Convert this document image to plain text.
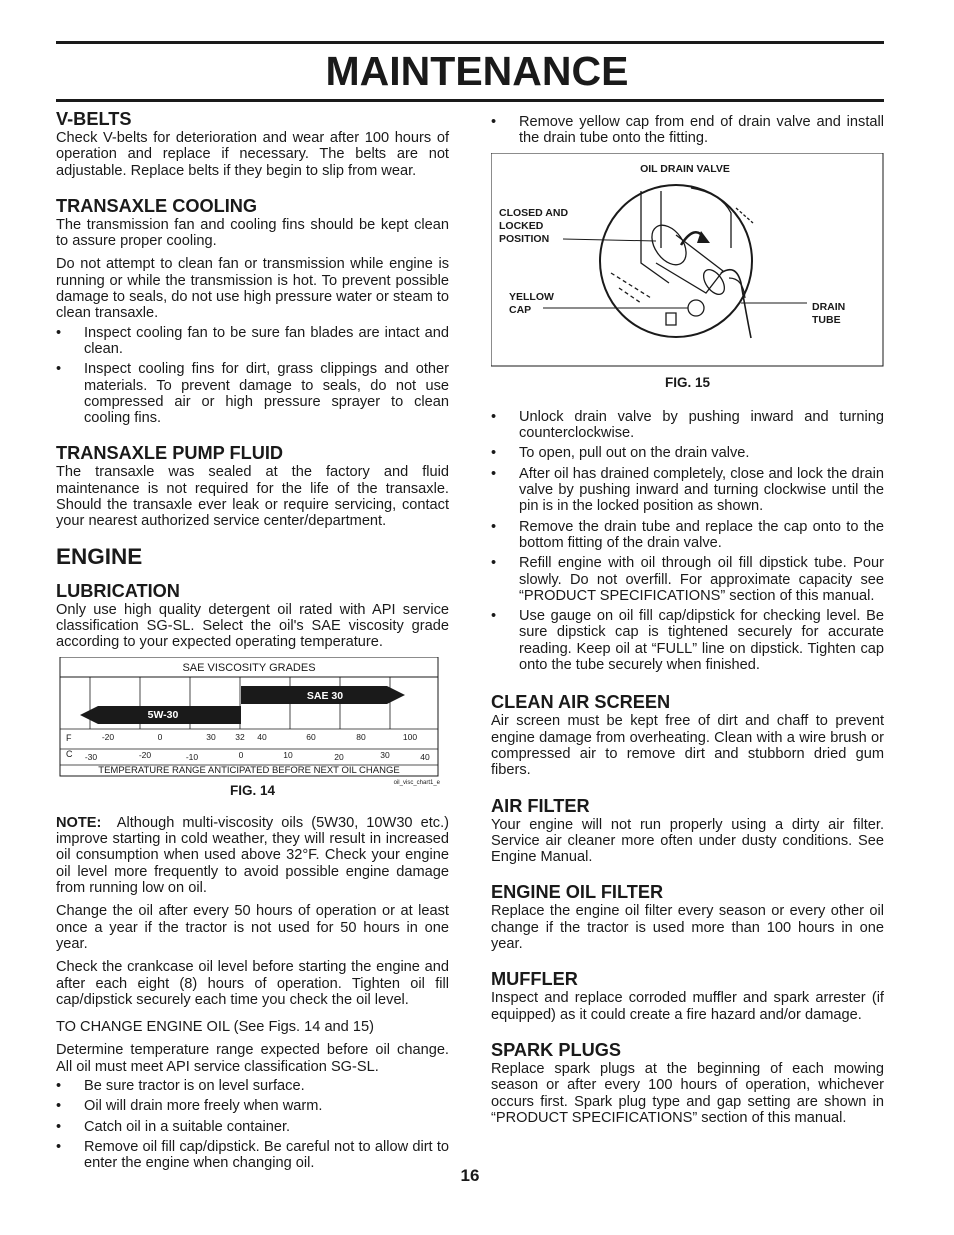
MAINTENANCE
V-BELTS

Check V-belts for deterioration and wear after 100 hours of operation and replace if necessary. The belts are not adjustable. Replace belts if they begin to slip from wear.

TRANSAXLE COOLING

The transmission fan and cooling fins should be kept clean to assure proper cooling.

Do not attempt to clean fan or transmission while engine is running or while the transmission is hot. To prevent possible damage to seals, do not use high pressure water or steam to clean transaxle.

• Inspect cooling fan to be sure fan blades are intact and clean.
• Inspect cooling fins for dirt, grass clippings and other materials. To prevent damage to seals, do not use compressed air or high pressure sprayer to clean cooling fins.
TRANSAXLE PUMP FLUID

The transaxle was sealed at the factory and fluid maintenance is not required for the life of the transaxle. Should the transaxle ever leak or require servicing, contact your nearest authorized service center/department.

ENGINE
LUBRICATION

Only use high quality detergent oil rated with API service classification SG-SL. Select the oil's SAE viscosity grade according to your expected operating temperature.

SAE VISCOSITY GRADES
SAE 30
5W-30
F
C
-20	0	30 32 40	60	80	100
-30	-20	-10	0	10	20	30	40
TEMPERATURE RANGE ANTICIPATED BEFORE NEXT OIL CHANGE
oil_visc_chart1_e
FIG. 14

NOTE: Although multi-viscosity oils (5W30, 10W30 etc.) improve starting in cold weather, they will result in increased oil consumption when used above 32°F. Check your engine oil level more frequently to avoid possible engine damage from running low on oil.

Change the oil after every 50 hours of operation or at least once a year if the tractor is not used for 50 hours in one year.

Check the crankcase oil level before starting the engine and after each eight (8) hours of operation. Tighten oil fill cap/dipstick securely each time you check the oil level.

TO CHANGE ENGINE OIL (See Figs. 14 and 15)

Determine temperature range expected before oil change. All oil must meet API service classification SG-SL.

• Be sure tractor is on level surface.
• Oil will drain more freely when warm.
• Catch oil in a suitable container.
• Remove oil fill cap/dipstick. Be careful not to allow dirt to enter the engine when changing oil.
• Remove yellow cap from end of drain valve and install the drain tube onto the fitting.
OIL DRAIN VALVE
CLOSED AND
LOCKED
POSITION
YELLOW
CAP	DRAIN
TUBE
FIG. 15
• Unlock drain valve by pushing inward and turning counterclockwise.
• To open, pull out on the drain valve.
• After oil has drained completely, close and lock the drain valve by pushing inward and turning clockwise until the pin is in the locked position as shown.
• Remove the drain tube and replace the cap onto to the bottom fitting of the drain valve.
• Refill engine with oil through oil fill dipstick tube. Pour slowly. Do not overfill. For approximate capacity see “PRODUCT SPECIFICATIONS” section of this manual.
• Use gauge on oil fill cap/dipstick for checking level. Be sure dipstick cap is tightened securely for accurate reading. Keep oil at “FULL” line on dipstick. Tighten cap onto the tube securely when finished.
CLEAN AIR SCREEN

Air screen must be kept free of dirt and chaff to prevent engine damage from overheating. Clean with a wire brush or compressed air to remove dirt and stubborn dried gum fibers.

AIR FILTER

Your engine will not run properly using a dirty air filter. Service air cleaner more often under dusty conditions. See Engine Manual.

ENGINE OIL FILTER

Replace the engine oil filter every season or every other oil change if the tractor is used more than 100 hours in one year.

MUFFLER

Inspect and replace corroded muffler and spark arrester (if equipped) as it could create a fire hazard and/or damage.

SPARK PLUGS

Replace spark plugs at the beginning of each mowing season or after every 100 hours of operation, whichever occurs first. Spark plug type and gap setting are shown in “PRODUCT SPECIFICATIONS” section of this manual.

16
